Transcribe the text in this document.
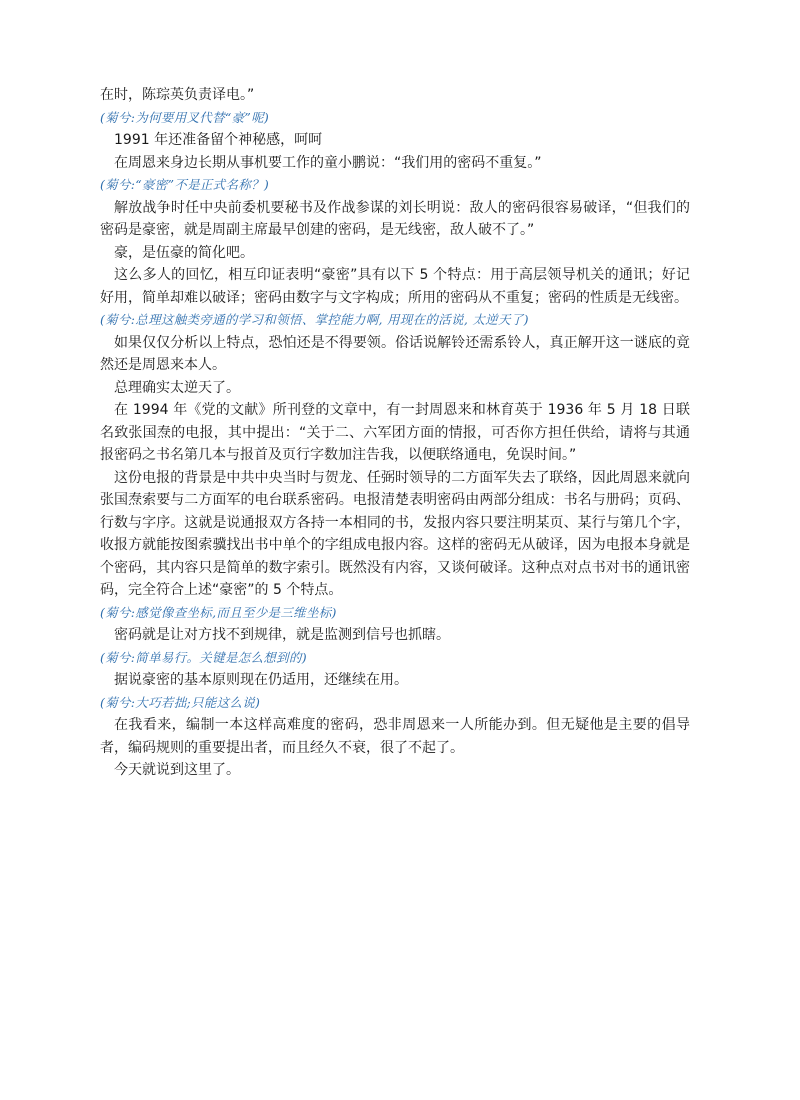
在时，陈琮英负责译电。”

(菊兮:为何要用叉代替“豪”呢)

1991 年还准备留个神秘感，呵呵

在周恩来身边长期从事机要工作的童小鹏说：“我们用的密码不重复。”

(菊兮:“豪密”不是正式名称？)

解放战争时任中央前委机要秘书及作战参谋的刘长明说：敌人的密码很容易破译，“但我们的密码是豪密，就是周副主席最早创建的密码，是无线密，敌人破不了。”

豪，是伍豪的简化吧。

这么多人的回忆，相互印证表明“豪密”具有以下 5 个特点：用于高层领导机关的通讯；好记好用，简单却难以破译；密码由数字与文字构成；所用的密码从不重复；密码的性质是无线密。

(菊兮:总理这触类旁通的学习和领悟、掌控能力啊, 用现在的活说, 太逆天了)

如果仅仅分析以上特点，恐怕还是不得要领。俗话说解铃还需系铃人，真正解开这一谜底的竟然还是周恩来本人。

总理确实太逆天了。

在 1994 年《党的文献》所刊登的文章中，有一封周恩来和林育英于 1936 年 5 月 18 日联名致张国焘的电报，其中提出：“关于二、六军团方面的情报，可否你方担任供给，请将与其通报密码之书名第几本与报首及页行字数加注告我，以便联络通电，免误时间。”

这份电报的背景是中共中央当时与贺龙、任弼时领导的二方面军失去了联络，因此周恩来就向张国焘索要与二方面军的电台联系密码。电报清楚表明密码由两部分组成：书名与册码；页码、行数与字序。这就是说通报双方各持一本相同的书，发报内容只要注明某页、某行与第几个字，收报方就能按图索骥找出书中单个的字组成电报内容。这样的密码无从破译，因为电报本身就是个密码，其内容只是简单的数字索引。既然没有内容，又谈何破译。这种点对点书对书的通讯密码，完全符合上述“豪密”的 5 个特点。

(菊兮:感觉像查坐标,而且至少是三维坐标)

密码就是让对方找不到规律，就是监测到信号也抓瞎。

(菊兮:简单易行。关键是怎么想到的)

据说豪密的基本原则现在仍适用，还继续在用。

(菊兮:大巧若拙;只能这么说)

在我看来，编制一本这样高难度的密码，恐非周恩来一人所能办到。但无疑他是主要的倡导者，编码规则的重要提出者，而且经久不衰，很了不起了。

今天就说到这里了。
